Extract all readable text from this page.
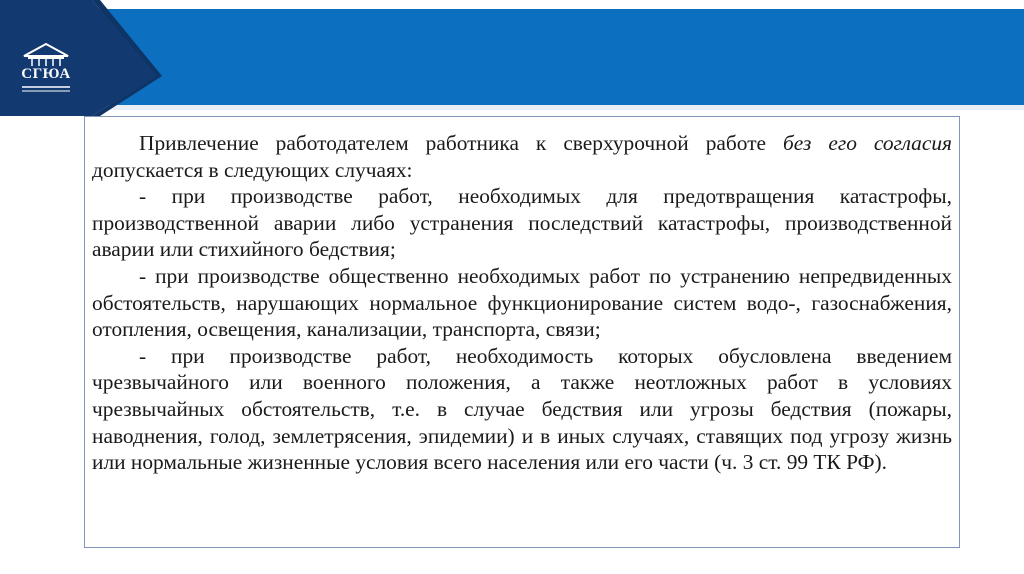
СГЮА

Привлечение работодателем работника к сверхурочной работе без его согласия допускается в следующих случаях:

- при производстве работ, необходимых для предотвращения катастрофы, производственной аварии либо устранения последствий катастрофы, производственной аварии или стихийного бедствия;

- при производстве общественно необходимых работ по устранению непредвиденных обстоятельств, нарушающих нормальное функционирование систем водо-, газоснабжения, отопления, освещения, канализации, транспорта, связи;

- при производстве работ, необходимость которых обусловлена введением чрезвычайного или военного положения, а также неотложных работ в условиях чрезвычайных обстоятельств, т.е. в случае бедствия или угрозы бедствия (пожары, наводнения, голод, землетрясения, эпидемии) и в иных случаях, ставящих под угрозу жизнь или нормальные жизненные условия всего населения или его части (ч. 3 ст. 99 ТК РФ).
